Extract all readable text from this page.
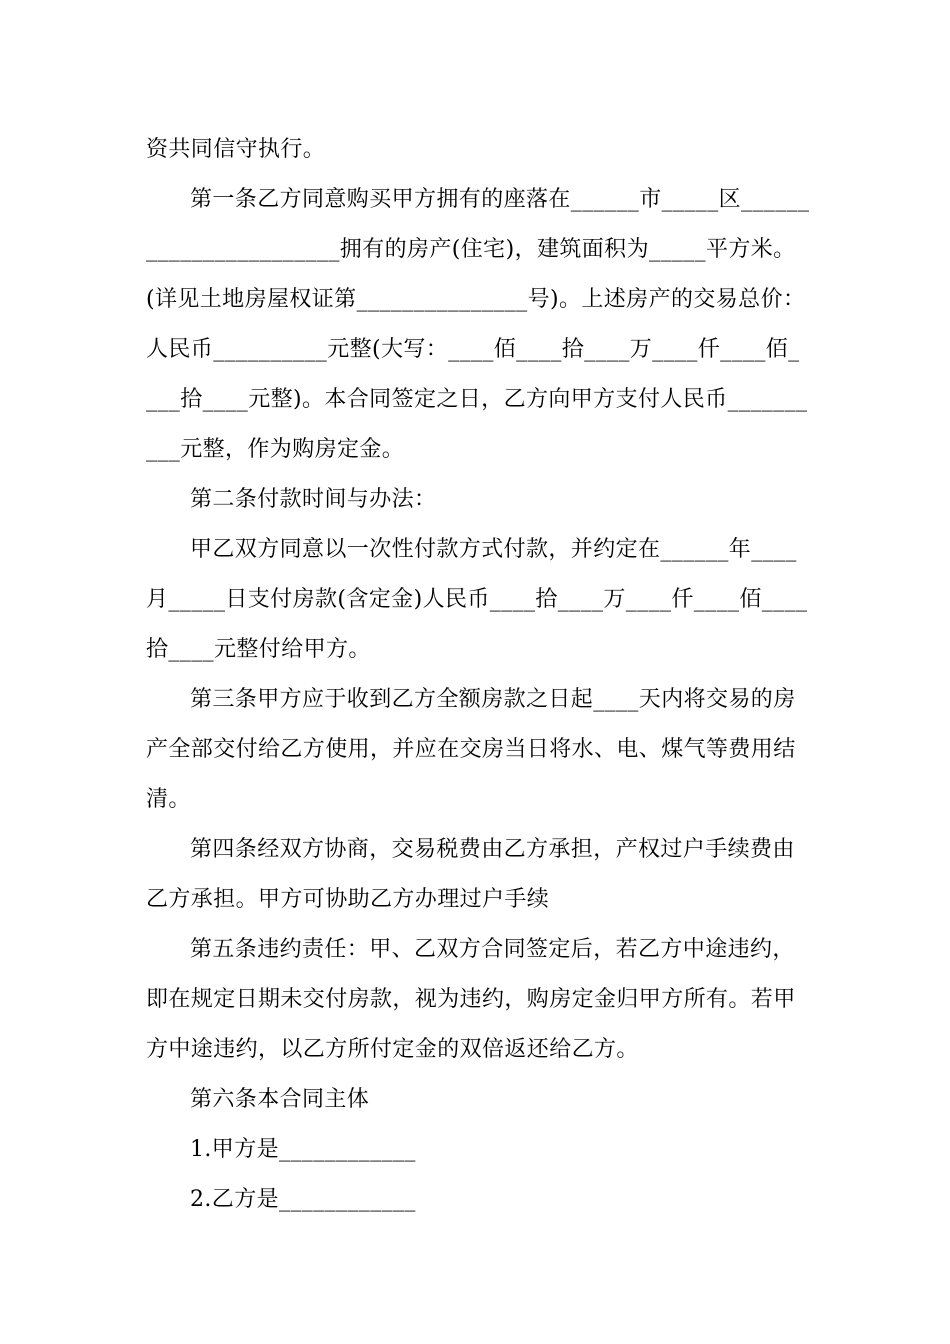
资共同信守执行。
第一条乙方同意购买甲方拥有的座落在______市_____区______
_________________拥有的房产(住宅)，建筑面积为_____平方米。
(详见土地房屋权证第_______________号)。上述房产的交易总价：
人民币__________元整(大写：____佰____拾____万____仟____佰_
___拾____元整)。本合同签定之日，乙方向甲方支付人民币_______
___元整，作为购房定金。
第二条付款时间与办法：
甲乙双方同意以一次性付款方式付款，并约定在______年____
月_____日支付房款(含定金)人民币____拾____万____仟____佰____
拾____元整付给甲方。
第三条甲方应于收到乙方全额房款之日起____天内将交易的房
产全部交付给乙方使用，并应在交房当日将水、电、煤气等费用结
清。
第四条经双方协商，交易税费由乙方承担，产权过户手续费由
乙方承担。甲方可协助乙方办理过户手续
第五条违约责任：甲、乙双方合同签定后，若乙方中途违约，
即在规定日期未交付房款，视为违约，购房定金归甲方所有。若甲
方中途违约，以乙方所付定金的双倍返还给乙方。
第六条本合同主体
1.甲方是____________
2.乙方是____________
